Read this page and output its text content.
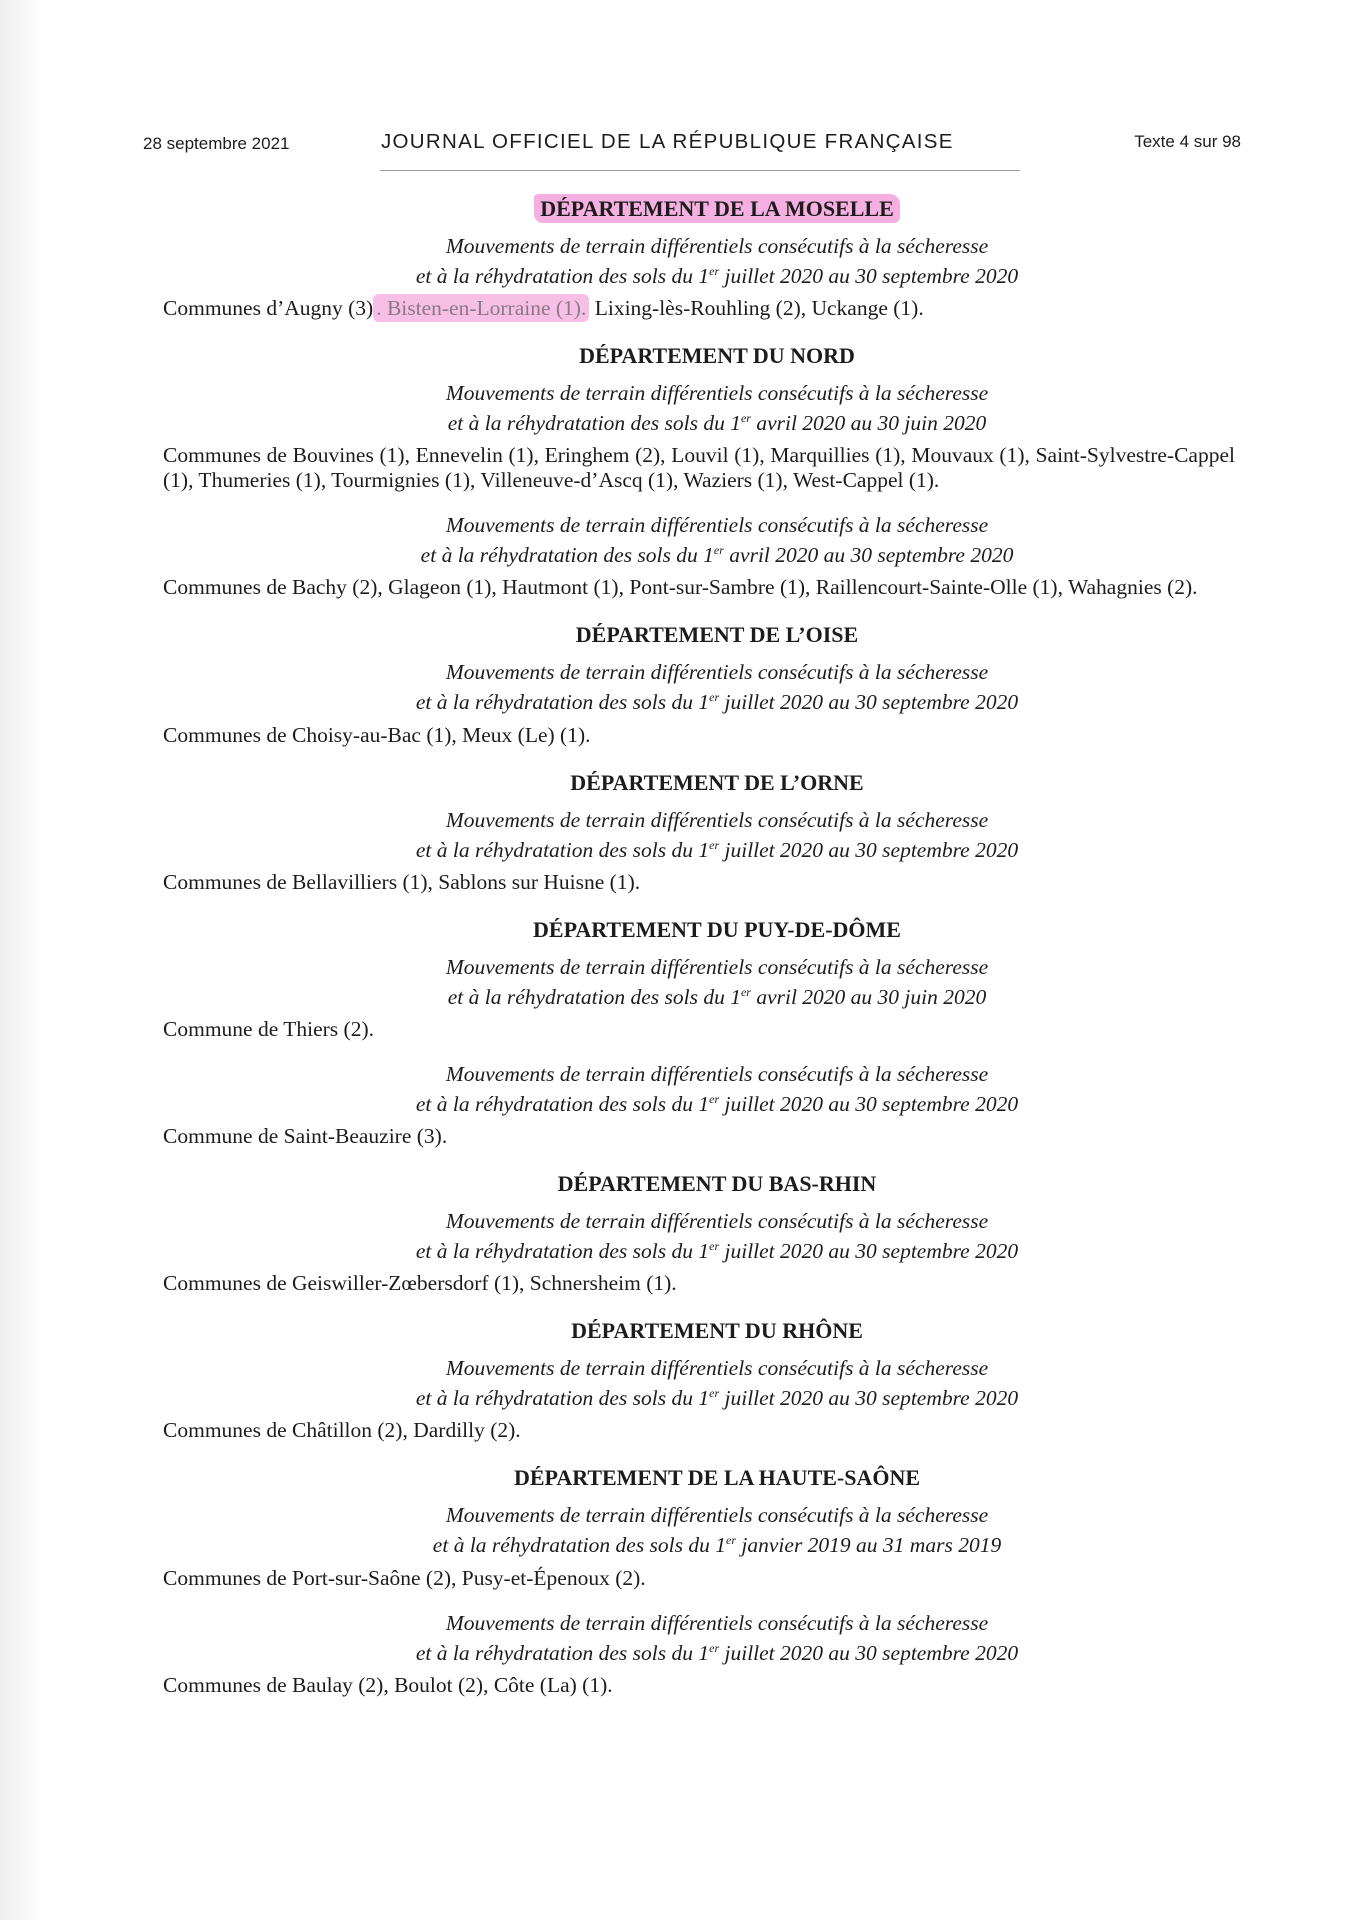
28 septembre 2021	JOURNAL OFFICIEL DE LA RÉPUBLIQUE FRANÇAISE	Texte 4 sur 98
DÉPARTEMENT DE LA MOSELLE
Mouvements de terrain différentiels consécutifs à la sécheresse
et à la réhydratation des sols du 1er juillet 2020 au 30 septembre 2020

Communes d’Augny (3) . Bisten-en-Lorraine (1). Lixing-lès-Rouhling (2), Uckange (1).

DÉPARTEMENT DU NORD
Mouvements de terrain différentiels consécutifs à la sécheresse
et à la réhydratation des sols du 1er avril 2020 au 30 juin 2020

Communes de Bouvines (1), Ennevelin (1), Eringhem (2), Louvil (1), Marquillies (1), Mouvaux (1), Saint-Sylvestre-Cappel (1), Thumeries (1), Tourmignies (1), Villeneuve-d’Ascq (1), Waziers (1), West-Cappel (1).

Mouvements de terrain différentiels consécutifs à la sécheresse
et à la réhydratation des sols du 1er avril 2020 au 30 septembre 2020

Communes de Bachy (2), Glageon (1), Hautmont (1), Pont-sur-Sambre (1), Raillencourt-Sainte-Olle (1), Wahagnies (2).

DÉPARTEMENT DE L’OISE
Mouvements de terrain différentiels consécutifs à la sécheresse
et à la réhydratation des sols du 1er juillet 2020 au 30 septembre 2020

Communes de Choisy-au-Bac (1), Meux (Le) (1).

DÉPARTEMENT DE L’ORNE
Mouvements de terrain différentiels consécutifs à la sécheresse
et à la réhydratation des sols du 1er juillet 2020 au 30 septembre 2020

Communes de Bellavilliers (1), Sablons sur Huisne (1).

DÉPARTEMENT DU PUY-DE-DÔME
Mouvements de terrain différentiels consécutifs à la sécheresse
et à la réhydratation des sols du 1er avril 2020 au 30 juin 2020

Commune de Thiers (2).

Mouvements de terrain différentiels consécutifs à la sécheresse
et à la réhydratation des sols du 1er juillet 2020 au 30 septembre 2020

Commune de Saint-Beauzire (3).

DÉPARTEMENT DU BAS-RHIN
Mouvements de terrain différentiels consécutifs à la sécheresse
et à la réhydratation des sols du 1er juillet 2020 au 30 septembre 2020

Communes de Geiswiller-Zœbersdorf (1), Schnersheim (1).

DÉPARTEMENT DU RHÔNE
Mouvements de terrain différentiels consécutifs à la sécheresse
et à la réhydratation des sols du 1er juillet 2020 au 30 septembre 2020

Communes de Châtillon (2), Dardilly (2).

DÉPARTEMENT DE LA HAUTE-SAÔNE
Mouvements de terrain différentiels consécutifs à la sécheresse
et à la réhydratation des sols du 1er janvier 2019 au 31 mars 2019

Communes de Port-sur-Saône (2), Pusy-et-Épenoux (2).

Mouvements de terrain différentiels consécutifs à la sécheresse
et à la réhydratation des sols du 1er juillet 2020 au 30 septembre 2020

Communes de Baulay (2), Boulot (2), Côte (La) (1).
